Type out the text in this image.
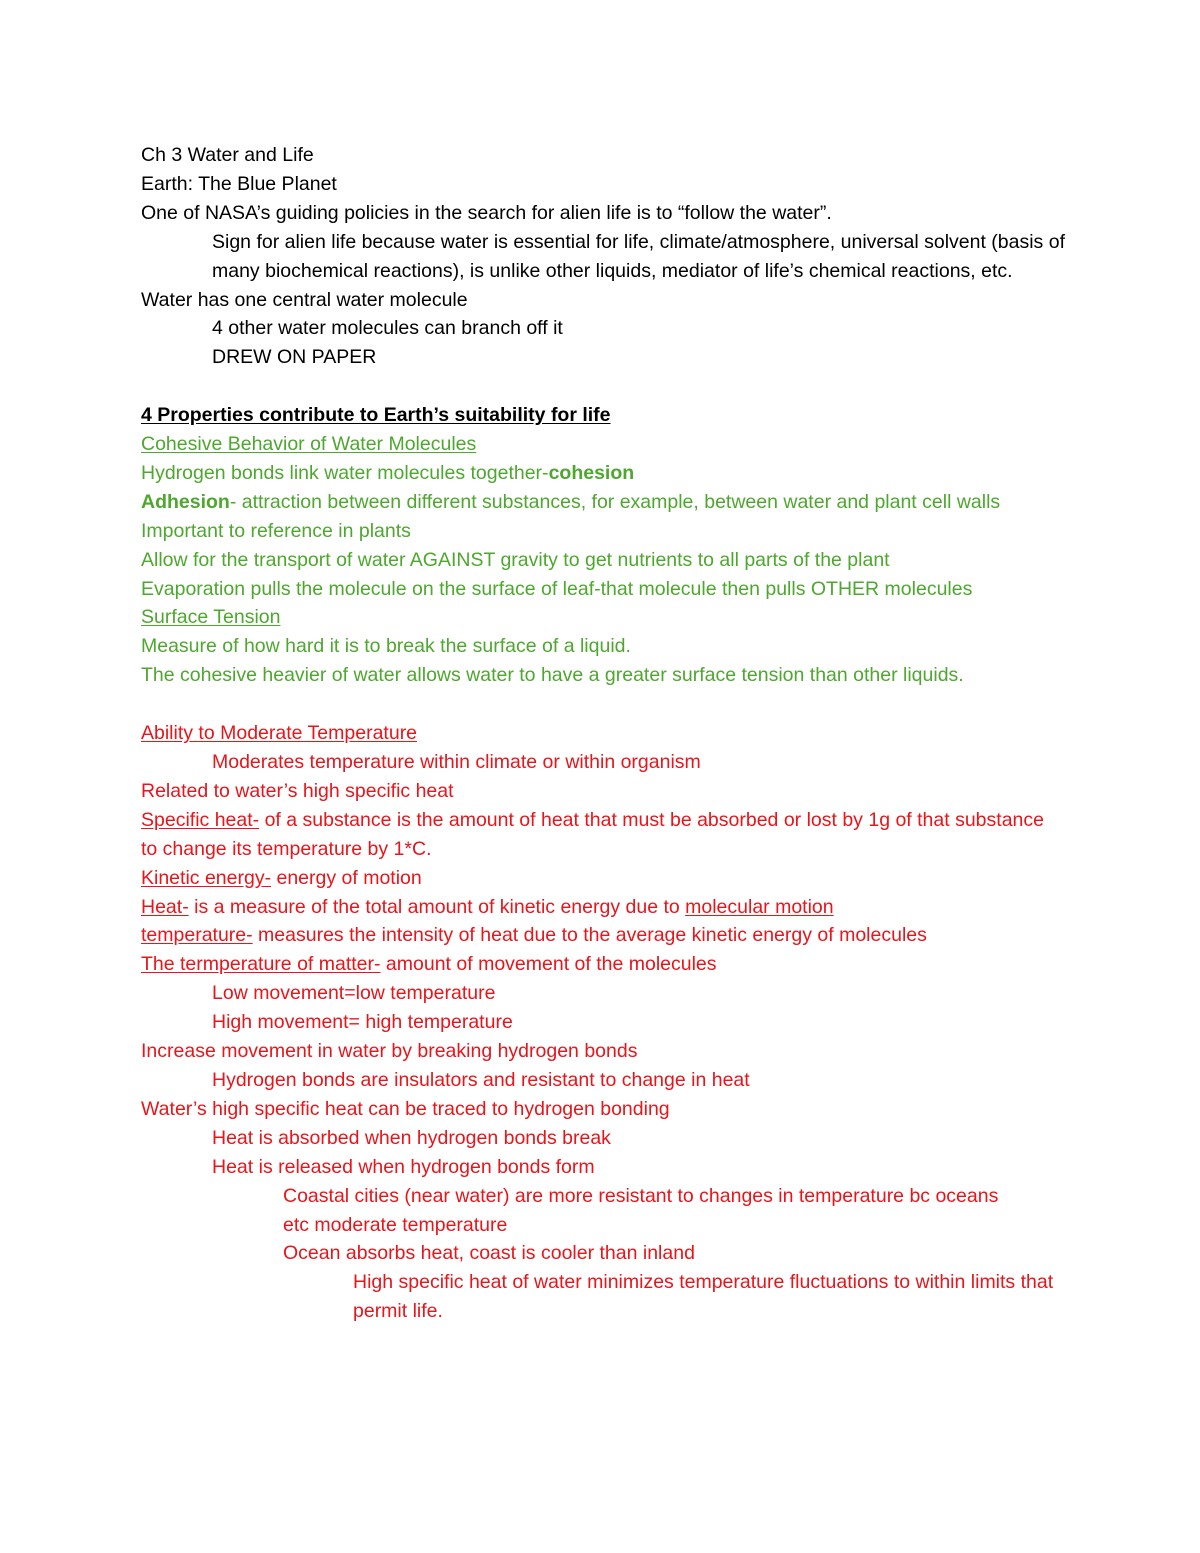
Ch 3 Water and Life
Earth: The Blue Planet
One of NASA’s guiding policies in the search for alien life is to “follow the water”.
Sign for alien life because water is essential for life, climate/atmosphere, universal solvent (basis of many biochemical reactions), is unlike other liquids, mediator of life’s chemical reactions, etc.
Water has one central water molecule
4 other water molecules can branch off it
DREW ON PAPER
4 Properties contribute to Earth’s suitability for life
Cohesive Behavior of Water Molecules
Hydrogen bonds link water molecules together-cohesion
Adhesion- attraction between different substances, for example, between water and plant cell walls
Important to reference in plants
Allow for the transport of water AGAINST gravity to get nutrients to all parts of the plant
Evaporation pulls the molecule on the surface of leaf-that molecule then pulls OTHER molecules
Surface Tension
Measure of how hard it is to break the surface of a liquid.
The cohesive heavier of water allows water to have a greater surface tension than other liquids.
Ability to Moderate Temperature
Moderates temperature within climate or within organism
Related to water’s high specific heat
Specific heat- of a substance is the amount of heat that must be absorbed or lost by 1g of that substance to change its temperature by 1*C.
Kinetic energy- energy of motion
Heat- is a measure of the total amount of kinetic energy due to molecular motion
temperature- measures the intensity of heat due to the average kinetic energy of molecules
The termperature of matter- amount of movement of the molecules
Low movement=low temperature
High movement= high temperature
Increase movement in water by breaking hydrogen bonds
Hydrogen bonds are insulators and resistant to change in heat
Water’s high specific heat can be traced to hydrogen bonding
Heat is absorbed when hydrogen bonds break
Heat is released when hydrogen bonds form
Coastal cities (near water) are more resistant to changes in temperature bc oceans etc moderate temperature
Ocean absorbs heat, coast is cooler than inland
High specific heat of water minimizes temperature fluctuations to within limits that permit life.
